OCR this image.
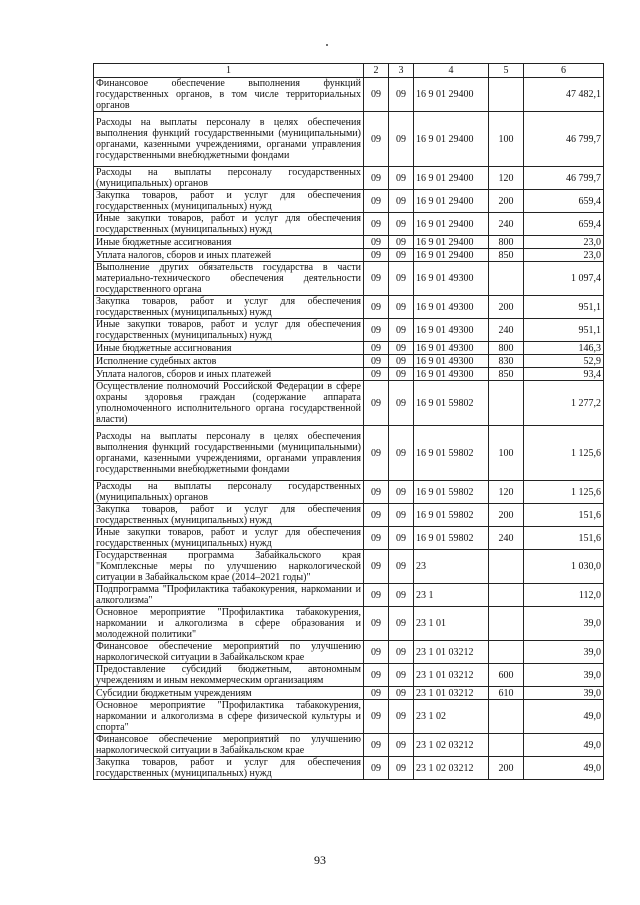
1	2	3	4	5	6
Финансовое обеспечение выполнения функций государственных органов, в том числе территориальных органов	09	09	16 9 01 29400		47 482,1
Расходы на выплаты персоналу в целях обеспечения выполнения функций государственными (муниципальными) органами, казенными учреждениями, органами управления государственными внебюджетными фондами	09	09	16 9 01 29400	100	46 799,7
Расходы на выплаты персоналу государственных (муниципальных) органов	09	09	16 9 01 29400	120	46 799,7
Закупка товаров, работ и услуг для обеспечения государственных (муниципальных) нужд	09	09	16 9 01 29400	200	659,4
Иные закупки товаров, работ и услуг для обеспечения государственных (муниципальных) нужд	09	09	16 9 01 29400	240	659,4
Иные бюджетные ассигнования	09	09	16 9 01 29400	800	23,0
Уплата налогов, сборов и иных платежей	09	09	16 9 01 29400	850	23,0
Выполнение других обязательств государства в части материально-технического обеспечения деятельности государственного органа	09	09	16 9 01 49300		1 097,4
Закупка товаров, работ и услуг для обеспечения государственных (муниципальных) нужд	09	09	16 9 01 49300	200	951,1
Иные закупки товаров, работ и услуг для обеспечения государственных (муниципальных) нужд	09	09	16 9 01 49300	240	951,1
Иные бюджетные ассигнования	09	09	16 9 01 49300	800	146,3
Исполнение судебных актов	09	09	16 9 01 49300	830	52,9
Уплата налогов, сборов и иных платежей	09	09	16 9 01 49300	850	93,4
Осуществление полномочий Российской Федерации в сфере охраны здоровья граждан (содержание аппарата уполномоченного исполнительного органа государственной власти)	09	09	16 9 01 59802		1 277,2
Расходы на выплаты персоналу в целях обеспечения выполнения функций государственными (муниципальными) органами, казенными учреждениями, органами управления государственными внебюджетными фондами	09	09	16 9 01 59802	100	1 125,6
Расходы на выплаты персоналу государственных (муниципальных) органов	09	09	16 9 01 59802	120	1 125,6
Закупка товаров, работ и услуг для обеспечения государственных (муниципальных) нужд	09	09	16 9 01 59802	200	151,6
Иные закупки товаров, работ и услуг для обеспечения государственных (муниципальных) нужд	09	09	16 9 01 59802	240	151,6
Государственная программа Забайкальского края "Комплексные меры по улучшению наркологической ситуации в Забайкальском крае (2014–2021 годы)"	09	09	23		1 030,0
Подпрограмма "Профилактика табакокурения, наркомании и алкоголизма"	09	09	23 1		112,0
Основное мероприятие "Профилактика табакокурения, наркомании и алкоголизма в сфере образования и молодежной политики"	09	09	23 1 01		39,0
Финансовое обеспечение мероприятий по улучшению наркологической ситуации в Забайкальском крае	09	09	23 1 01 03212		39,0
Предоставление субсидий бюджетным, автономным учреждениям и иным некоммерческим организациям	09	09	23 1 01 03212	600	39,0
Субсидии бюджетным учреждениям	09	09	23 1 01 03212	610	39,0
Основное мероприятие "Профилактика табакокурения, наркомании и алкоголизма в сфере физической культуры и спорта"	09	09	23 1 02		49,0
Финансовое обеспечение мероприятий по улучшению наркологической ситуации в Забайкальском крае	09	09	23 1 02 03212		49,0
Закупка товаров, работ и услуг для обеспечения государственных (муниципальных) нужд	09	09	23 1 02 03212	200	49,0
93
